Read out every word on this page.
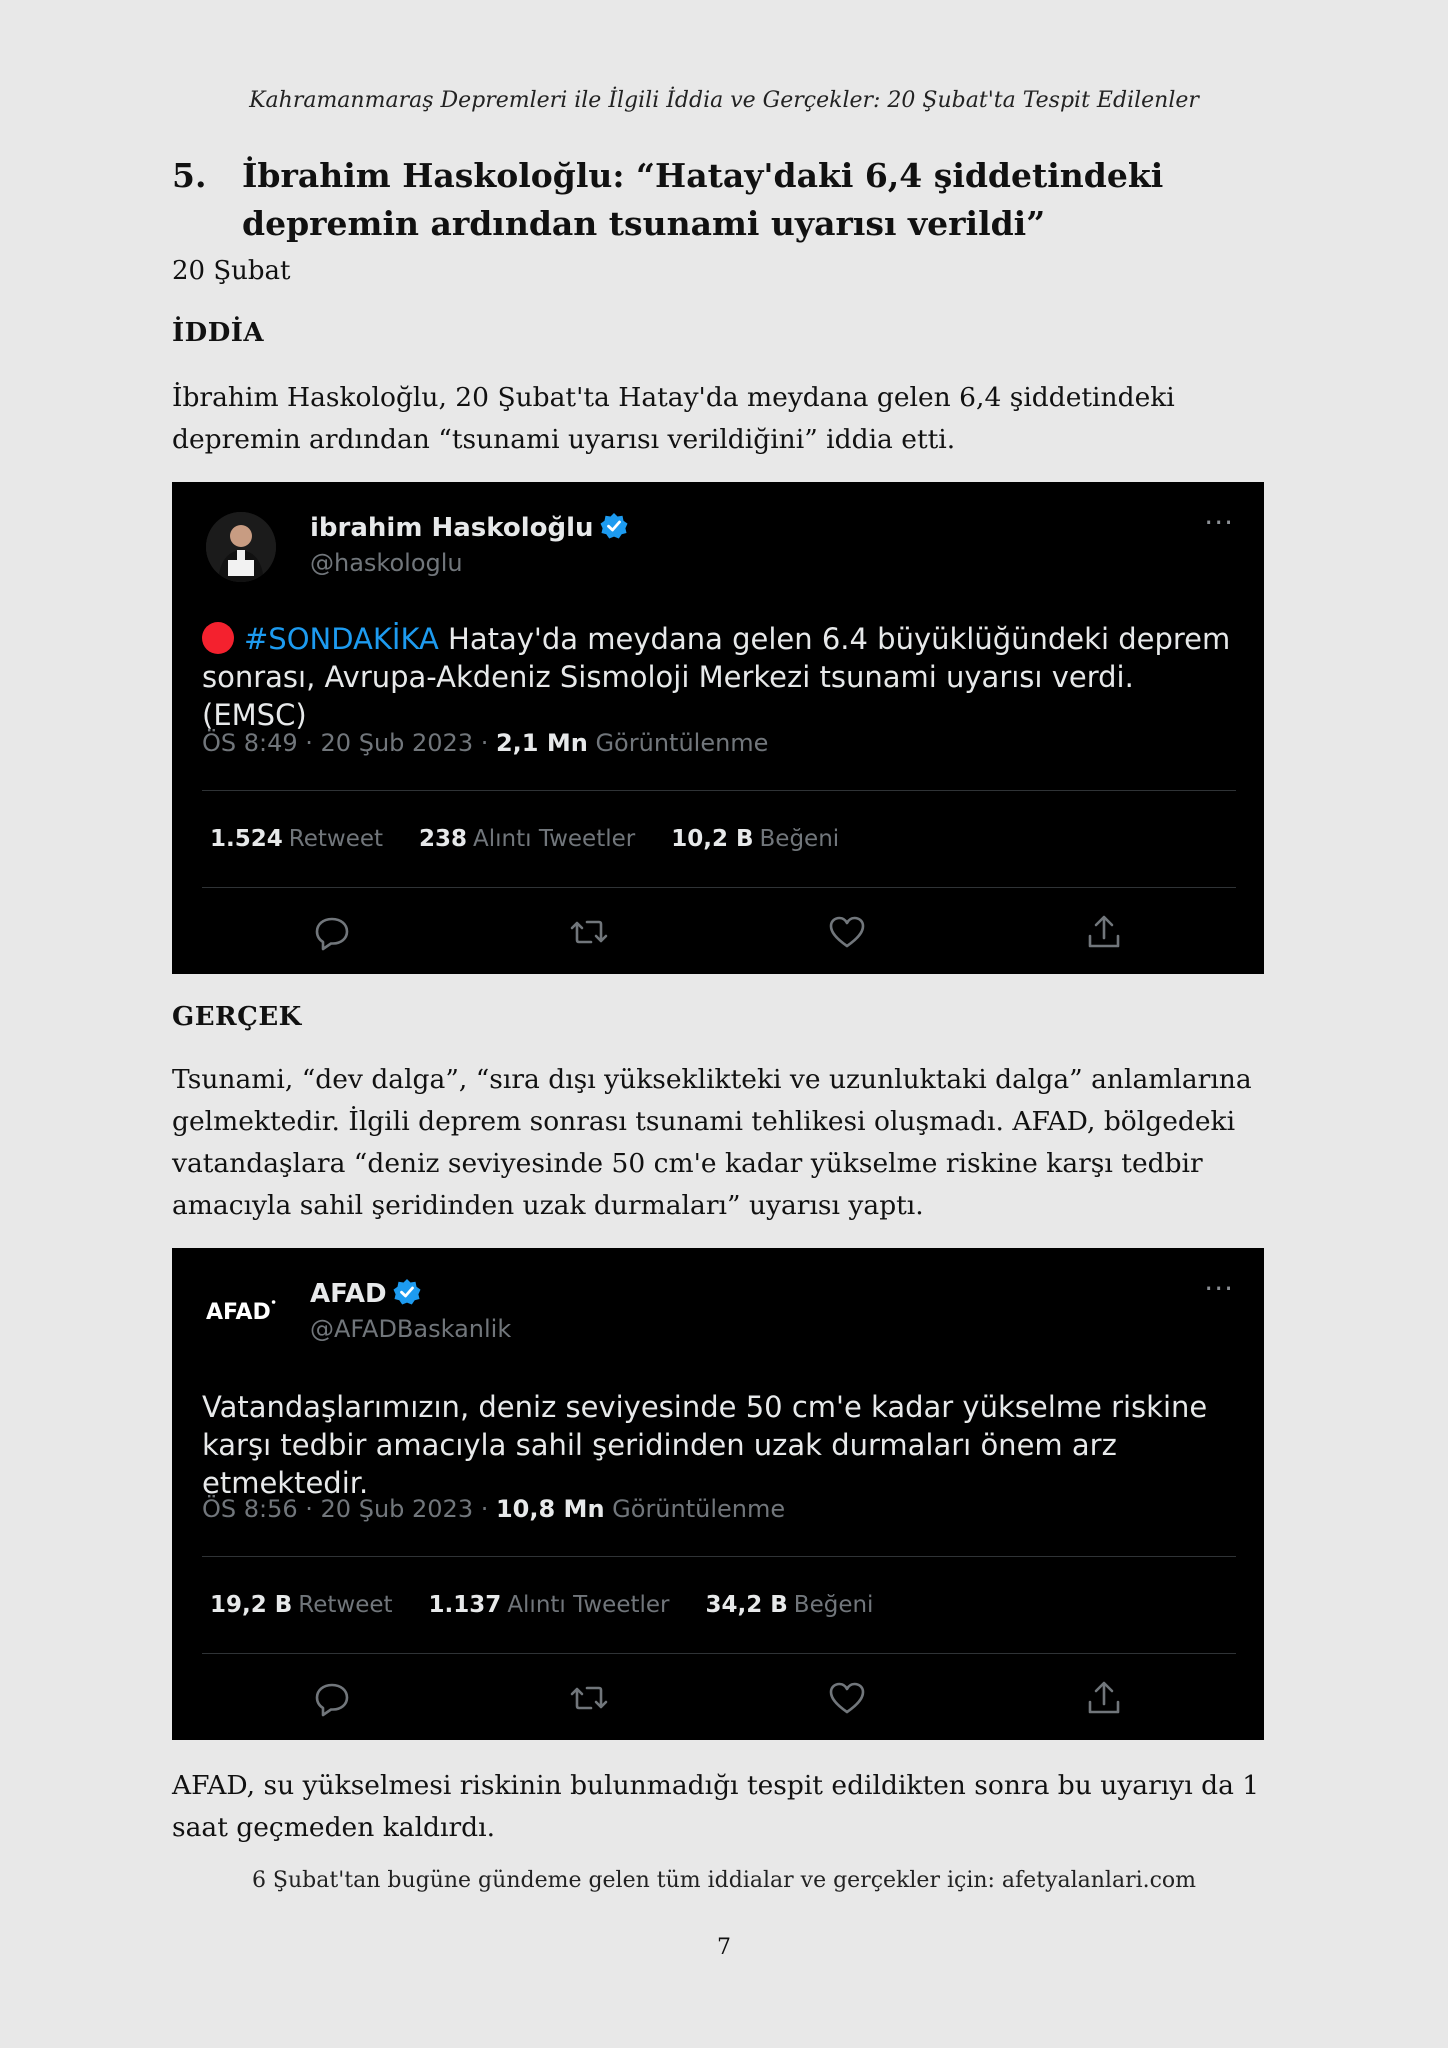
Kahramanmaraş Depremleri ile İlgili İddia ve Gerçekler: 20 Şubat'ta Tespit Edilenler
5.	İbrahim Haskoloğlu: “Hatay'daki 6,4 şiddetindeki depremin ardından tsunami uyarısı verildi”
20 Şubat
İDDİA
İbrahim Haskoloğlu, 20 Şubat'ta Hatay'da meydana gelen 6,4 şiddetindeki depremin ardından “tsunami uyarısı verildiğini” iddia etti.
ibrahim Haskoloğlu
@haskologlu
···
#SONDAKİKA Hatay'da meydana gelen 6.4 büyüklüğündeki deprem sonrası, Avrupa-Akdeniz Sismoloji Merkezi tsunami uyarısı verdi. (EMSC)
ÖS 8:49 · 20 Şub 2023 · 2,1 Mn Görüntülenme
1.524 Retweet 238 Alıntı Tweetler 10,2 B Beğeni
GERÇEK
Tsunami, “dev dalga”, “sıra dışı yükseklikteki ve uzunluktaki dalga” anlamlarına gelmektedir. İlgili deprem sonrası tsunami tehlikesi oluşmadı. AFAD, bölgedeki vatandaşlara “deniz seviyesinde 50 cm'e kadar yükselme riskine karşı tedbir amacıyla sahil şeridinden uzak durmaları” uyarısı yaptı.
AFAD
AFAD
@AFADBaskanlik
···
Vatandaşlarımızın, deniz seviyesinde 50 cm'e kadar yükselme riskine karşı tedbir amacıyla sahil şeridinden uzak durmaları önem arz etmektedir.
ÖS 8:56 · 20 Şub 2023 · 10,8 Mn Görüntülenme
19,2 B Retweet 1.137 Alıntı Tweetler 34,2 B Beğeni
AFAD, su yükselmesi riskinin bulunmadığı tespit edildikten sonra bu uyarıyı da 1 saat geçmeden kaldırdı.
6 Şubat'tan bugüne gündeme gelen tüm iddialar ve gerçekler için: afetyalanlari.com
7
